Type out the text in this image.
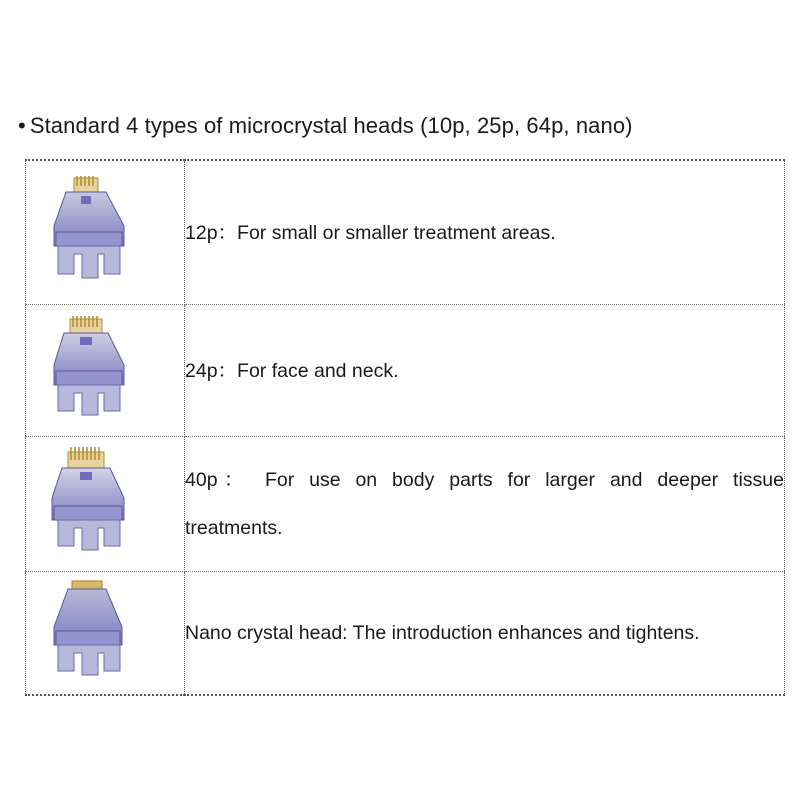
• Standard 4 types of microcrystal heads (10p, 25p, 64p, nano)
	12p：For small or smaller treatment areas.

	24p：For face and neck.

	40p： For use on body parts for larger and deeper tissue treatments.

	Nano crystal head: The introduction enhances and tightens.
